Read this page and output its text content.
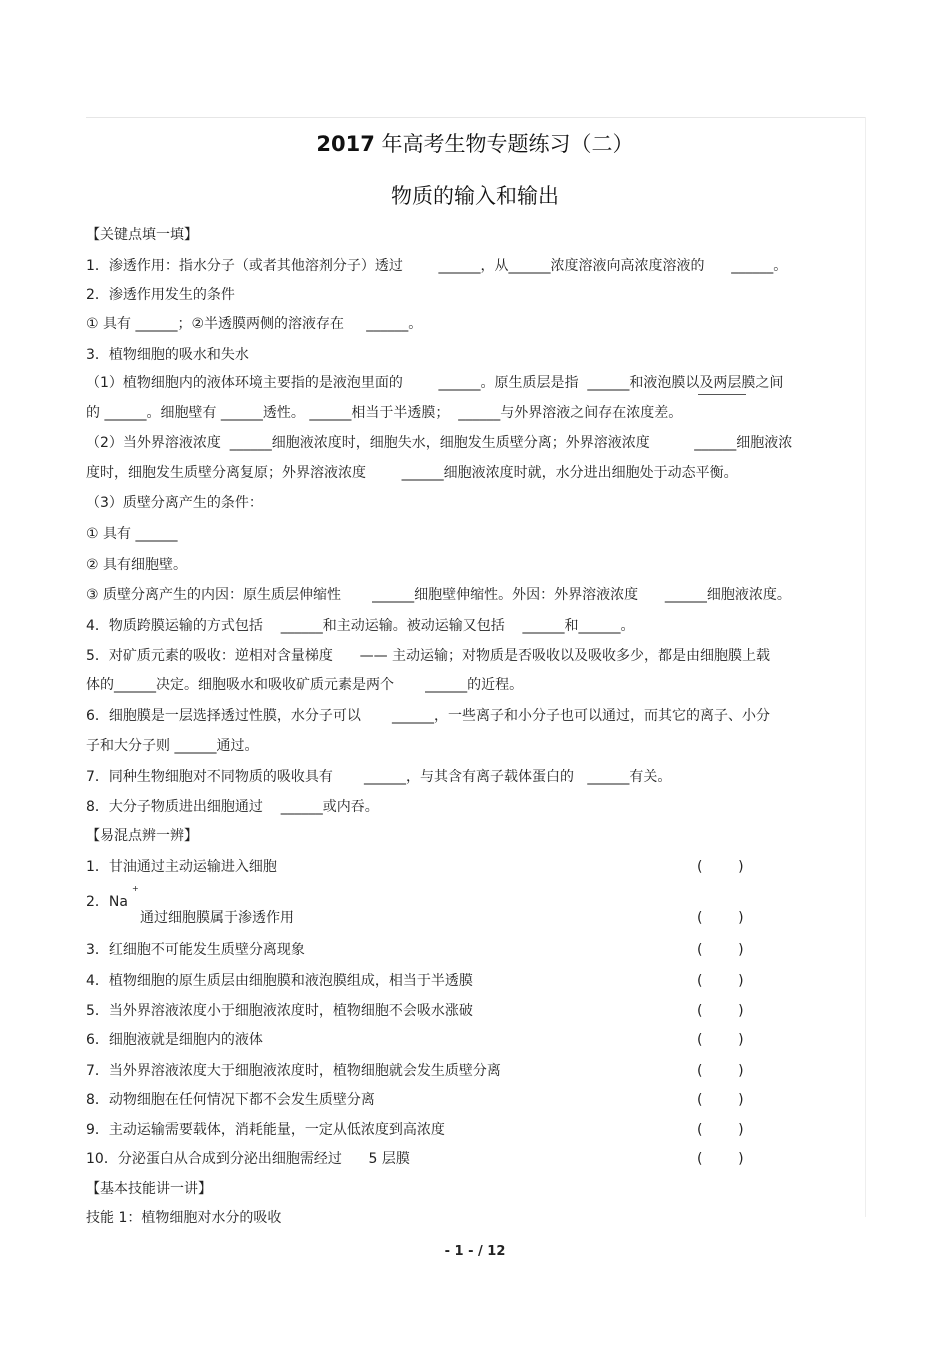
2017 年高考生物专题练习（二）
物质的输入和输出
【关键点填一填】
1．渗透作用：指水分子（或者其他溶剂分子）透过        ______，从______浓度溶液向高浓度溶液的      ______。
2．渗透作用发生的条件
① 具有 ______；②半透膜两侧的溶液存在     ______。
3．植物细胞的吸水和失水
（1）植物细胞内的液体环境主要指的是液泡里面的        ______。原生质层是指  ______和液泡膜以及两层膜之间
的 ______。细胞壁有 ______透性。 ______相当于半透膜；  ______与外界溶液之间存在浓度差。
（2）当外界溶液浓度  ______细胞液浓度时，细胞失水，细胞发生质壁分离；外界溶液浓度          ______细胞液浓
度时，细胞发生质壁分离复原；外界溶液浓度        ______细胞液浓度时就，水分进出细胞处于动态平衡。
（3）质壁分离产生的条件：
① 具有 ______
② 具有细胞壁。
③ 质壁分离产生的内因：原生质层伸缩性       ______细胞壁伸缩性。外因：外界溶液浓度      ______细胞液浓度。
4．物质跨膜运输的方式包括    ______和主动运输。被动运输又包括    ______和______。
5．对矿质元素的吸收：逆相对含量梯度      —— 主动运输；对物质是否吸收以及吸收多少，都是由细胞膜上载
体的______决定。细胞吸水和吸收矿质元素是两个       ______的近程。
6．细胞膜是一层选择透过性膜，水分子可以       ______，一些离子和小分子也可以通过，而其它的离子、小分
子和大分子则 ______通过。
7．同种生物细胞对不同物质的吸收具有       ______，与其含有离子载体蛋白的   ______有关。
8．大分子物质进出细胞通过    ______或内吞。
【易混点辨一辨】
1．甘油通过主动运输进入细胞	(        )
2．Na
+
通过细胞膜属于渗透作用	(        )
3．红细胞不可能发生质壁分离现象	(        )
4．植物细胞的原生质层由细胞膜和液泡膜组成，相当于半透膜	(        )
5．当外界溶液浓度小于细胞液浓度时，植物细胞不会吸水涨破	(        )
6．细胞液就是细胞内的液体	(        )
7．当外界溶液浓度大于细胞液浓度时，植物细胞就会发生质壁分离	(        )
8．动物细胞在任何情况下都不会发生质壁分离	(        )
9．主动运输需要载体，消耗能量，一定从低浓度到高浓度	(        )
10．分泌蛋白从合成到分泌出细胞需经过      5 层膜	(        )
【基本技能讲一讲】
技能 1：植物细胞对水分的吸收
- 1 - / 12
